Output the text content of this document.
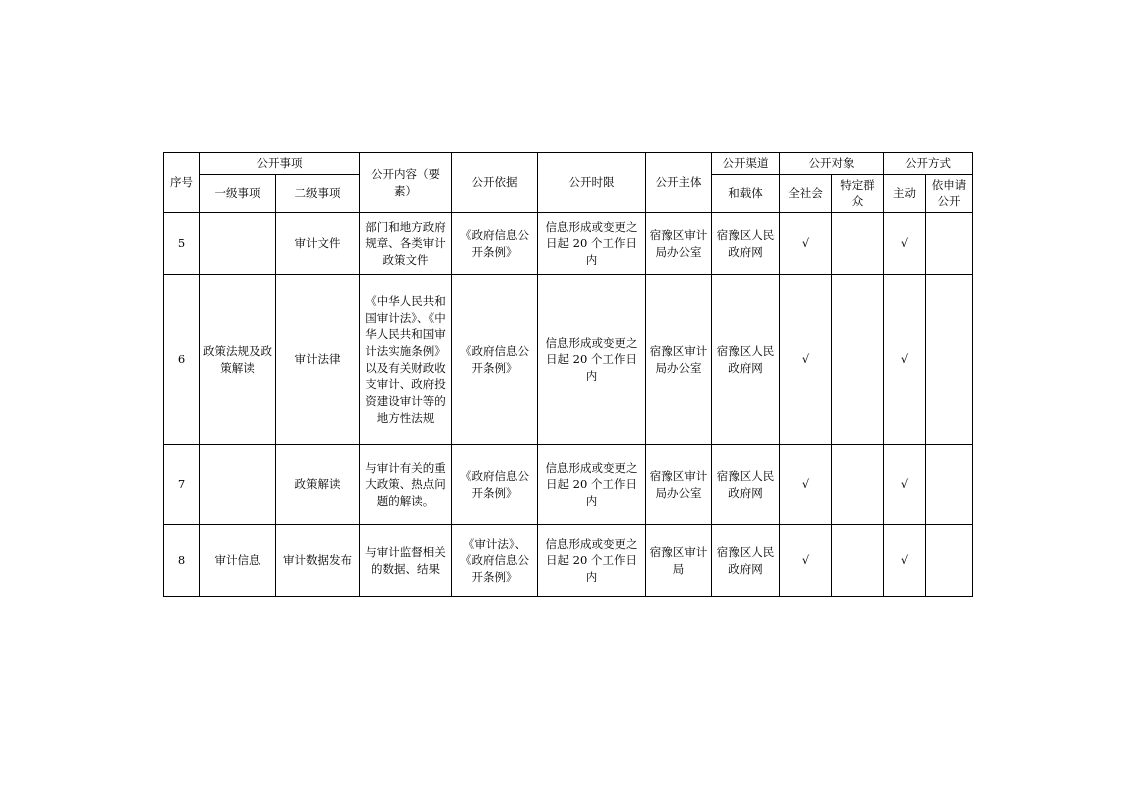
序号	公开事项		公开内容（要素）	公开依据	公开时限	公开主体	公开渠道	公开对象		公开方式	
	一级事项	二级事项					和载体	全社会	特定群众	主动	依申请公开
5		审计文件	部门和地方政府规章、各类审计政策文件	《政府信息公开条例》	信息形成或变更之日起 20 个工作日内	宿豫区审计局办公室	宿豫区人民政府网	√		√	
6	政策法规及政策解读	审计法律	《中华人民共和国审计法》、《中华人民共和国审计法实施条例》以及有关财政收支审计、政府投资建设审计等的地方性法规	《政府信息公开条例》	信息形成或变更之日起 20 个工作日内	宿豫区审计局办公室	宿豫区人民政府网	√		√	
7		政策解读	与审计有关的重大政策、热点问题的解读。	《政府信息公开条例》	信息形成或变更之日起 20 个工作日内	宿豫区审计局办公室	宿豫区人民政府网	√		√	
8	审计信息	审计数据发布	与审计监督相关的数据、结果	《审计法》、《政府信息公开条例》	信息形成或变更之日起 20 个工作日内	宿豫区审计局	宿豫区人民政府网	√		√	
